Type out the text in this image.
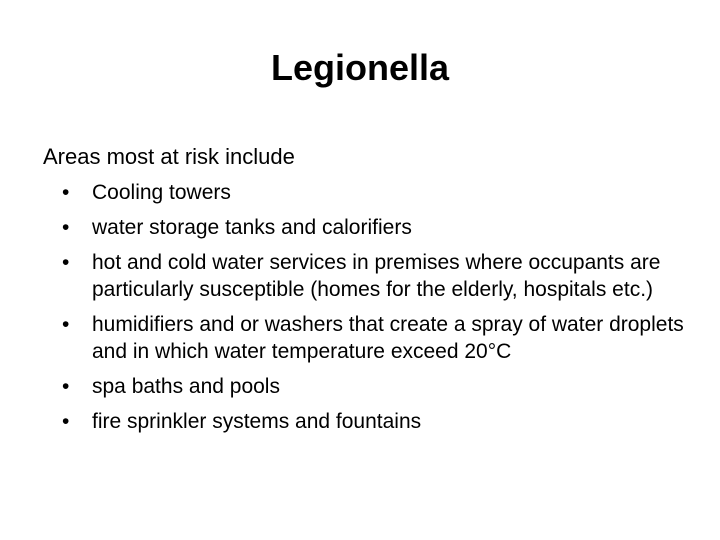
Legionella

Areas most at risk include

• Cooling towers
• water storage tanks and calorifiers
• hot and cold water services in premises where occupants are particularly susceptible (homes for the elderly, hospitals etc.)
• humidifiers and or washers that create a spray of water droplets and in which water temperature exceed 20°C
• spa baths and pools
• fire sprinkler systems and fountains
